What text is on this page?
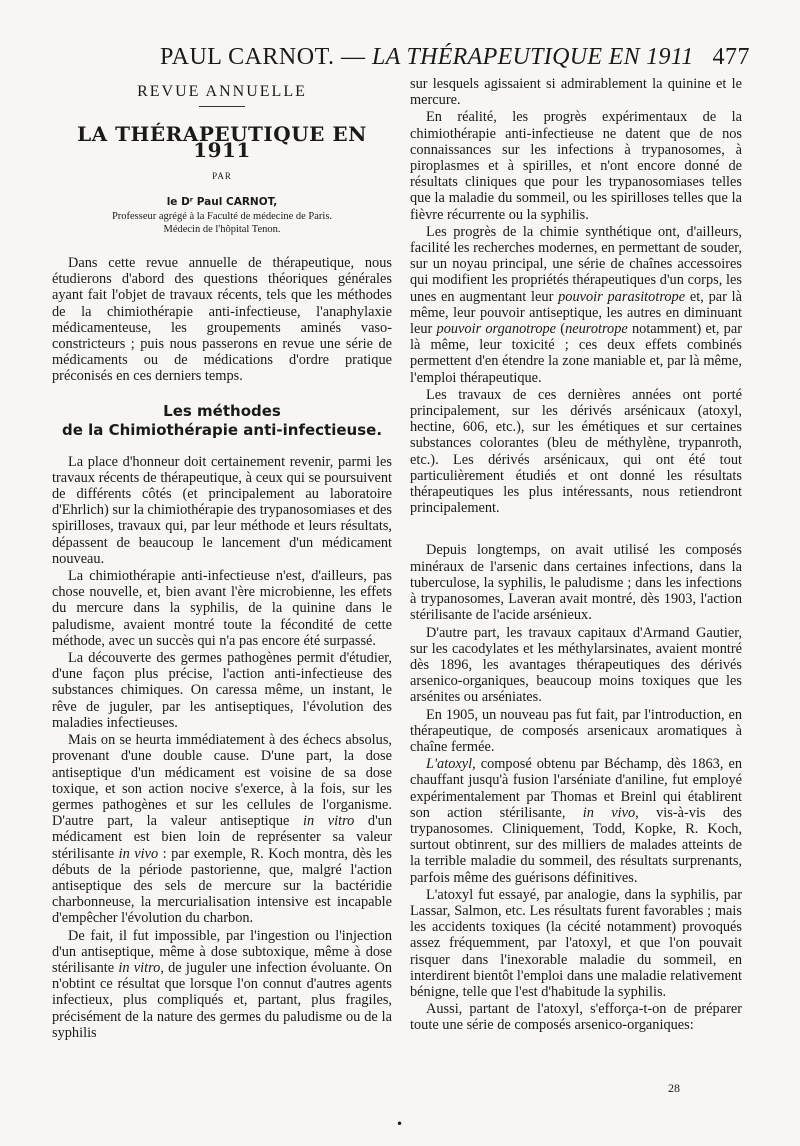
PAUL CARNOT. — LA THÉRAPEUTIQUE EN 1911 477
REVUE ANNUELLE
LA THÉRAPEUTIQUE EN 1911
PAR
le Dʳ Paul CARNOT,
Professeur agrégé à la Faculté de médecine de Paris.
Médecin de l'hôpital Tenon.

Dans cette revue annuelle de thérapeutique, nous étudierons d'abord des questions théoriques générales ayant fait l'objet de travaux récents, tels que les méthodes de la chimiothérapie anti-infectieuse, l'anaphylaxie médicamenteuse, les groupements aminés vaso-constricteurs ; puis nous passerons en revue une série de médicaments ou de médications d'ordre pratique préconisés en ces derniers temps.

Les méthodes
de la Chimiothérapie anti-infectieuse.

La place d'honneur doit certainement revenir, parmi les travaux récents de thérapeutique, à ceux qui se poursuivent de différents côtés (et principalement au laboratoire d'Ehrlich) sur la chimiothérapie des trypanosomiases et des spirilloses, travaux qui, par leur méthode et leurs résultats, dépassent de beaucoup le lancement d'un médicament nouveau.

La chimiothérapie anti-infectieuse n'est, d'ailleurs, pas chose nouvelle, et, bien avant l'ère microbienne, les effets du mercure dans la syphilis, de la quinine dans le paludisme, avaient montré toute la fécondité de cette méthode, avec un succès qui n'a pas encore été surpassé.

La découverte des germes pathogènes permit d'étudier, d'une façon plus précise, l'action anti-infectieuse des substances chimiques. On caressa même, un instant, le rêve de juguler, par les antiseptiques, l'évolution des maladies infectieuses.

Mais on se heurta immédiatement à des échecs absolus, provenant d'une double cause. D'une part, la dose antiseptique d'un médicament est voisine de sa dose toxique, et son action nocive s'exerce, à la fois, sur les germes pathogènes et sur les cellules de l'organisme. D'autre part, la valeur antiseptique in vitro d'un médicament est bien loin de représenter sa valeur stérilisante in vivo : par exemple, R. Koch montra, dès les débuts de la période pastorienne, que, malgré l'action antiseptique des sels de mercure sur la bactéridie charbonneuse, la mercurialisation intensive est incapable d'empêcher l'évolution du charbon.

De fait, il fut impossible, par l'ingestion ou l'injection d'un antiseptique, même à dose subtoxique, même à dose stérilisante in vitro, de juguler une infection évoluante. On n'obtint ce résultat que lorsque l'on connut d'autres agents infectieux, plus compliqués et, partant, plus fragiles, précisément de la nature des germes du paludisme ou de la syphilis

sur lesquels agissaient si admirablement la quinine et le mercure.

En réalité, les progrès expérimentaux de la chimiothérapie anti-infectieuse ne datent que de nos connaissances sur les infections à trypanosomes, à piroplasmes et à spirilles, et n'ont encore donné de résultats cliniques que pour les trypanosomiases telles que la maladie du sommeil, ou les spirilloses telles que la fièvre récurrente ou la syphilis.

Les progrès de la chimie synthétique ont, d'ailleurs, facilité les recherches modernes, en permettant de souder, sur un noyau principal, une série de chaînes accessoires qui modifient les propriétés thérapeutiques d'un corps, les unes en augmentant leur pouvoir parasitotrope et, par là même, leur pouvoir antiseptique, les autres en diminuant leur pouvoir organotrope (neurotrope notamment) et, par là même, leur toxicité ; ces deux effets combinés permettent d'en étendre la zone maniable et, par là même, l'emploi thérapeutique.

Les travaux de ces dernières années ont porté principalement, sur les dérivés arsénicaux (atoxyl, hectine, 606, etc.), sur les émétiques et sur certaines substances colorantes (bleu de méthylène, trypanroth, etc.). Les dérivés arsénicaux, qui ont été tout particulièrement étudiés et ont donné les résultats thérapeutiques les plus intéressants, nous retiendront principalement.

Depuis longtemps, on avait utilisé les composés minéraux de l'arsenic dans certaines infections, dans la tuberculose, la syphilis, le paludisme ; dans les infections à trypanosomes, Laveran avait montré, dès 1903, l'action stérilisante de l'acide arsénieux.

D'autre part, les travaux capitaux d'Armand Gautier, sur les cacodylates et les méthylarsinates, avaient montré dès 1896, les avantages thérapeutiques des dérivés arsenico-organiques, beaucoup moins toxiques que les arsénites ou arséniates.

En 1905, un nouveau pas fut fait, par l'introduction, en thérapeutique, de composés arsenicaux aromatiques à chaîne fermée.

L'atoxyl, composé obtenu par Béchamp, dès 1863, en chauffant jusqu'à fusion l'arséniate d'aniline, fut employé expérimentalement par Thomas et Breinl qui établirent son action stérilisante, in vivo, vis-à-vis des trypanosomes. Cliniquement, Todd, Kopke, R. Koch, surtout obtinrent, sur des milliers de malades atteints de la terrible maladie du sommeil, des résultats surprenants, parfois même des guérisons définitives.

L'atoxyl fut essayé, par analogie, dans la syphilis, par Lassar, Salmon, etc. Les résultats furent favorables ; mais les accidents toxiques (la cécité notamment) provoqués assez fréquemment, par l'atoxyl, et que l'on pouvait risquer dans l'inexorable maladie du sommeil, en interdirent bientôt l'emploi dans une maladie relativement bénigne, telle que l'est d'habitude la syphilis.

Aussi, partant de l'atoxyl, s'efforça-t-on de préparer toute une série de composés arsenico-organiques:

28
•
